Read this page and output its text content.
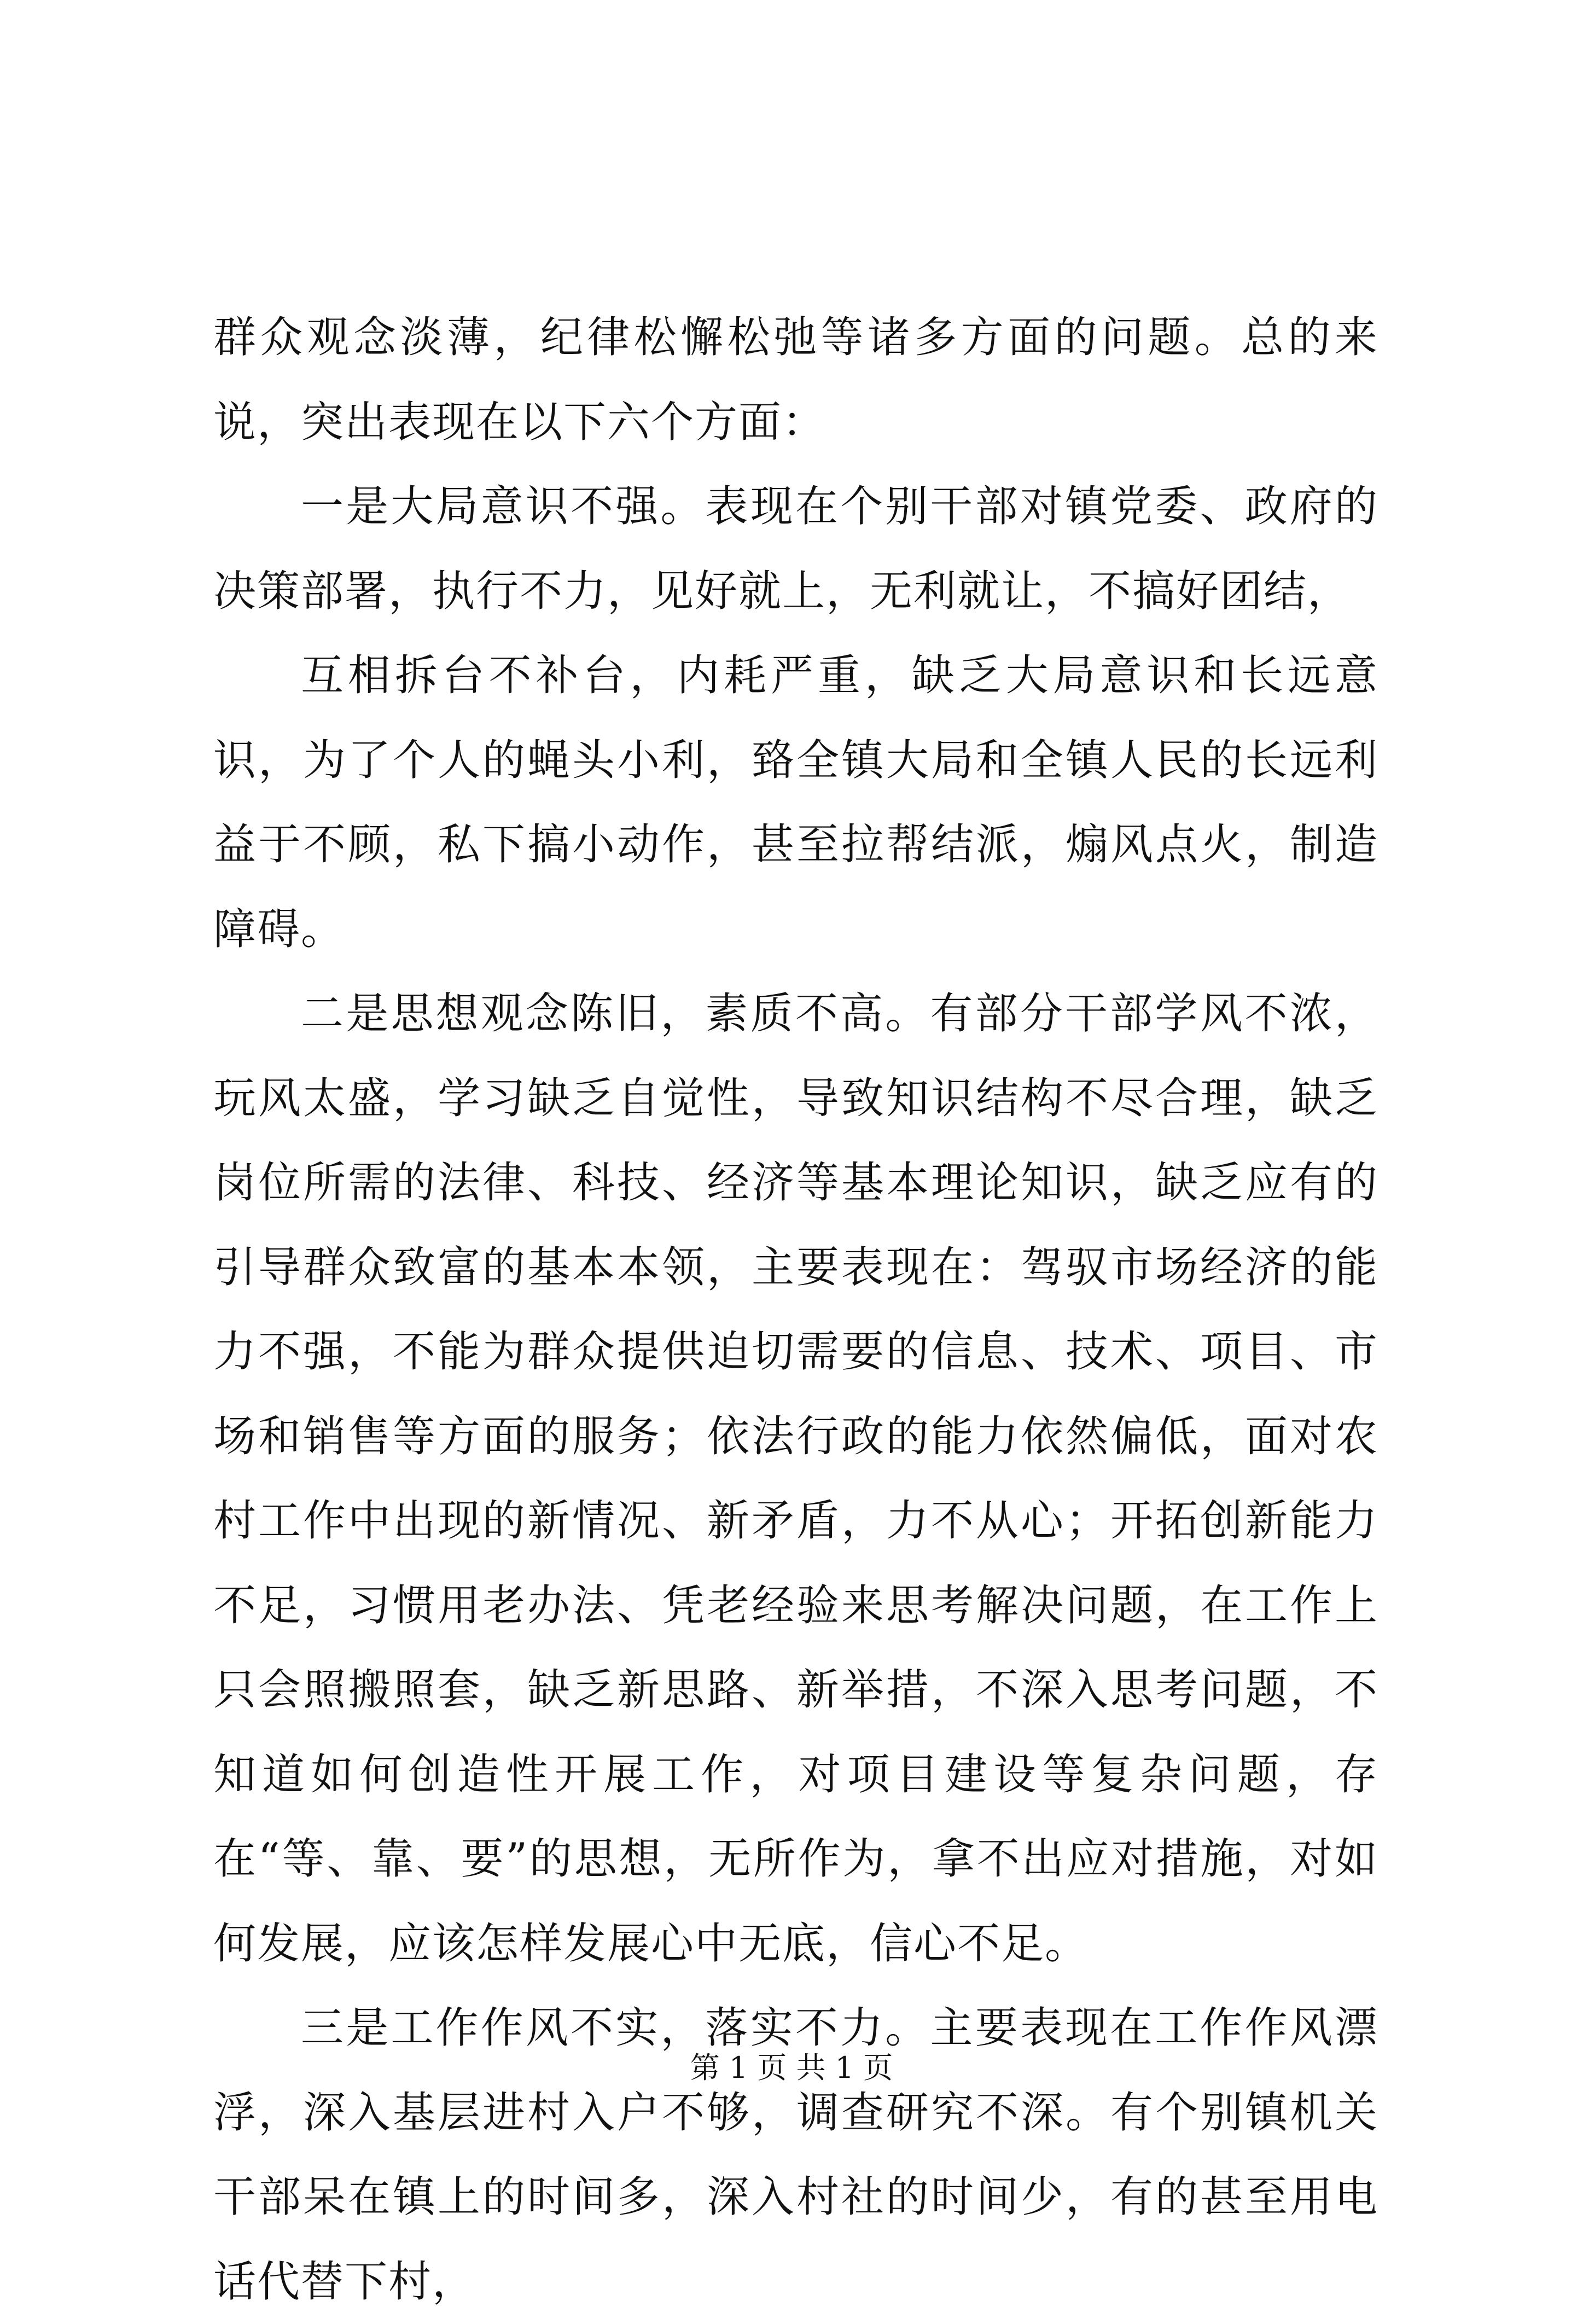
群众观念淡薄，纪律松懈松弛等诸多方面的问题。总的来说，突出表现在以下六个方面：

一是大局意识不强。表现在个别干部对镇党委、政府的决策部署，执行不力，见好就上，无利就让，不搞好团结，

互相拆台不补台，内耗严重，缺乏大局意识和长远意识，为了个人的蝇头小利，臵全镇大局和全镇人民的长远利益于不顾，私下搞小动作，甚至拉帮结派，煽风点火，制造障碍。

二是思想观念陈旧，素质不高。有部分干部学风不浓，玩风太盛，学习缺乏自觉性，导致知识结构不尽合理，缺乏岗位所需的法律、科技、经济等基本理论知识，缺乏应有的引导群众致富的基本本领，主要表现在：驾驭市场经济的能力不强，不能为群众提供迫切需要的信息、技术、项目、市场和销售等方面的服务；依法行政的能力依然偏低，面对农村工作中出现的新情况、新矛盾，力不从心；开拓创新能力不足，习惯用老办法、凭老经验来思考解决问题，在工作上只会照搬照套，缺乏新思路、新举措，不深入思考问题，不知道如何创造性开展工作，对项目建设等复杂问题，存在“等、靠、要”的思想，无所作为，拿不出应对措施，对如何发展，应该怎样发展心中无底，信心不足。

三是工作作风不实，落实不力。主要表现在工作作风漂浮，深入基层进村入户不够，调查研究不深。有个别镇机关干部呆在镇上的时间多，深入村社的时间少，有的甚至用电话代替下村，

第 1 页 共 1 页
